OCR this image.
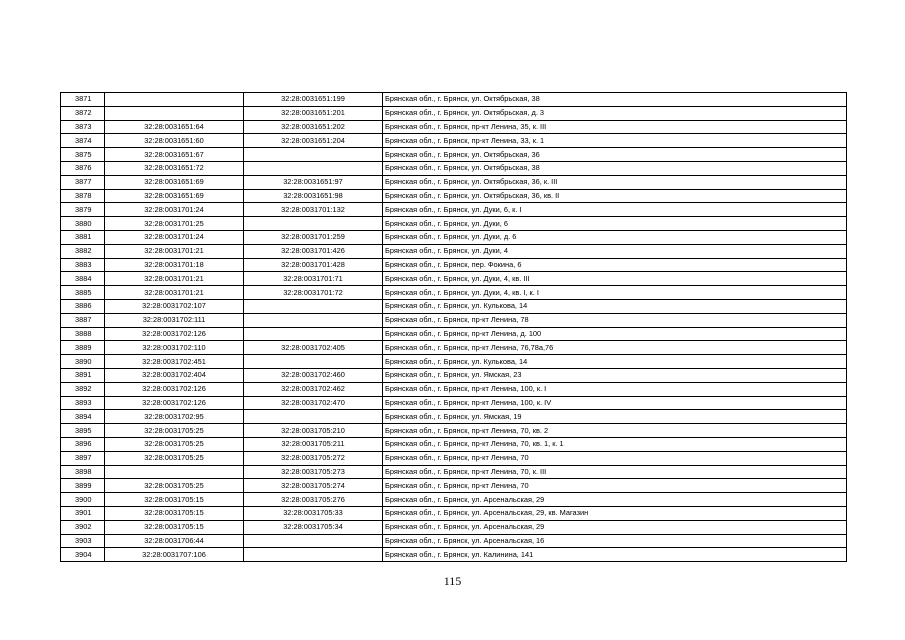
3871		32:28:0031651:199	Брянская обл., г. Брянск, ул. Октябрьская, 38
3872		32:28:0031651:201	Брянская обл., г. Брянск, ул. Октябрьская, д. 3
3873	32:28:0031651:64	32:28:0031651:202	Брянская обл., г. Брянск, пр-кт Ленина, 35, к. III
3874	32:28:0031651:60	32:28:0031651:204	Брянская обл., г. Брянск, пр-кт Ленина, 33, к. 1
3875	32:28:0031651:67		Брянская обл., г. Брянск, ул. Октябрьская, 36
3876	32:28:0031651:72		Брянская обл., г. Брянск, ул. Октябрьская, 38
3877	32:28:0031651:69	32:28:0031651:97	Брянская обл., г. Брянск, ул. Октябрьская, 36, к. III
3878	32:28:0031651:69	32:28:0031651:98	Брянская обл., г. Брянск, ул. Октябрьская, 36, кв. II
3879	32:28:0031701:24	32:28:0031701:132	Брянская обл., г. Брянск, ул. Дуки, 6, к. I
3880	32:28:0031701:25		Брянская обл., г. Брянск, ул. Дуки, 6
3881	32:28:0031701:24	32:28:0031701:259	Брянская обл., г. Брянск, ул. Дуки, д. 6
3882	32:28:0031701:21	32:28:0031701:426	Брянская обл., г. Брянск, ул. Дуки, 4
3883	32:28:0031701:18	32:28:0031701:428	Брянская обл., г. Брянск, пер. Фокина, 6
3884	32:28:0031701:21	32:28:0031701:71	Брянская обл., г. Брянск, ул. Дуки, 4, кв. III
3885	32:28:0031701:21	32:28:0031701:72	Брянская обл., г. Брянск, ул. Дуки, 4, кв. I, к. I
3886	32:28:0031702:107		Брянская обл., г. Брянск, ул. Кулькова, 14
3887	32:28:0031702:111		Брянская обл., г. Брянск, пр-кт Ленина, 78
3888	32:28:0031702:126		Брянская обл., г. Брянск, пр-кт Ленина, д. 100
3889	32:28:0031702:110	32:28:0031702:405	Брянская обл., г. Брянск, пр-кт Ленина, 76,78а,76
3890	32:28:0031702:451		Брянская обл., г. Брянск, ул. Кулькова, 14
3891	32:28:0031702:404	32:28:0031702:460	Брянская обл., г. Брянск, ул. Ямская, 23
3892	32:28:0031702:126	32:28:0031702:462	Брянская обл., г. Брянск, пр-кт Ленина, 100, к. I
3893	32:28:0031702:126	32:28:0031702:470	Брянская обл., г. Брянск, пр-кт Ленина, 100, к. IV
3894	32:28:0031702:95		Брянская обл., г. Брянск, ул. Ямская, 19
3895	32:28:0031705:25	32:28:0031705:210	Брянская обл., г. Брянск, пр-кт Ленина, 70, кв. 2
3896	32:28:0031705:25	32:28:0031705:211	Брянская обл., г. Брянск, пр-кт Ленина, 70, кв. 1, к. 1
3897	32:28:0031705:25	32:28:0031705:272	Брянская обл., г. Брянск, пр-кт Ленина, 70
3898		32:28:0031705:273	Брянская обл., г. Брянск, пр-кт Ленина, 70, к. III
3899	32:28:0031705:25	32:28:0031705:274	Брянская обл., г. Брянск, пр-кт Ленина, 70
3900	32:28:0031705:15	32:28:0031705:276	Брянская обл., г. Брянск, ул. Арсенальская, 29
3901	32:28:0031705:15	32:28:0031705:33	Брянская обл., г. Брянск, ул. Арсенальская, 29, кв. Магазин
3902	32:28:0031705:15	32:28:0031705:34	Брянская обл., г. Брянск, ул. Арсенальская, 29
3903	32:28:0031706:44		Брянская обл., г. Брянск, ул. Арсенальская, 16
3904	32:28:0031707:106		Брянская обл., г. Брянск, ул. Калинина, 141
115
